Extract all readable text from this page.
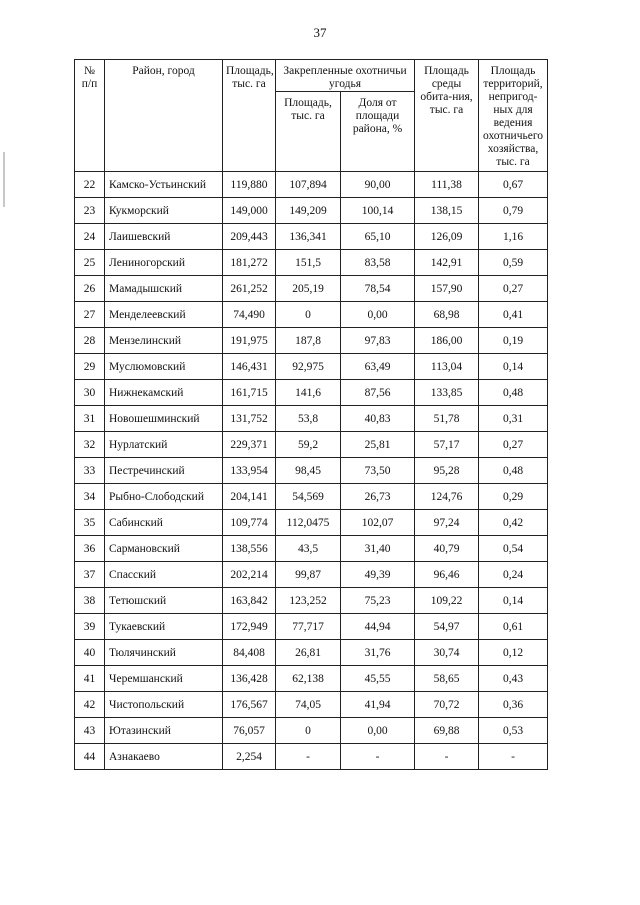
37
№ п/п	Район, город	Площадь, тыс. га	Закрепленные охотничьи угодья		Площадь среды обита-ния, тыс. га	Площадь территорий, непригод-ных для ведения охотничьего хозяйства, тыс. га
			Площадь, тыс. га	Доля от площади района, %		
22	Камско-Устьинский	119,880	107,894	90,00	111,38	0,67
23	Кукморский	149,000	149,209	100,14	138,15	0,79
24	Лаишевский	209,443	136,341	65,10	126,09	1,16
25	Лениногорский	181,272	151,5	83,58	142,91	0,59
26	Мамадышский	261,252	205,19	78,54	157,90	0,27
27	Менделеевский	74,490	0	0,00	68,98	0,41
28	Мензелинский	191,975	187,8	97,83	186,00	0,19
29	Муслюмовский	146,431	92,975	63,49	113,04	0,14
30	Нижнекамский	161,715	141,6	87,56	133,85	0,48
31	Новошешминский	131,752	53,8	40,83	51,78	0,31
32	Нурлатский	229,371	59,2	25,81	57,17	0,27
33	Пестречинский	133,954	98,45	73,50	95,28	0,48
34	Рыбно-Слободский	204,141	54,569	26,73	124,76	0,29
35	Сабинский	109,774	112,0475	102,07	97,24	0,42
36	Сармановский	138,556	43,5	31,40	40,79	0,54
37	Спасский	202,214	99,87	49,39	96,46	0,24
38	Тетюшский	163,842	123,252	75,23	109,22	0,14
39	Тукаевский	172,949	77,717	44,94	54,97	0,61
40	Тюлячинский	84,408	26,81	31,76	30,74	0,12
41	Черемшанский	136,428	62,138	45,55	58,65	0,43
42	Чистопольский	176,567	74,05	41,94	70,72	0,36
43	Ютазинский	76,057	0	0,00	69,88	0,53
44	Азнакаево	2,254	-	-	-	-
